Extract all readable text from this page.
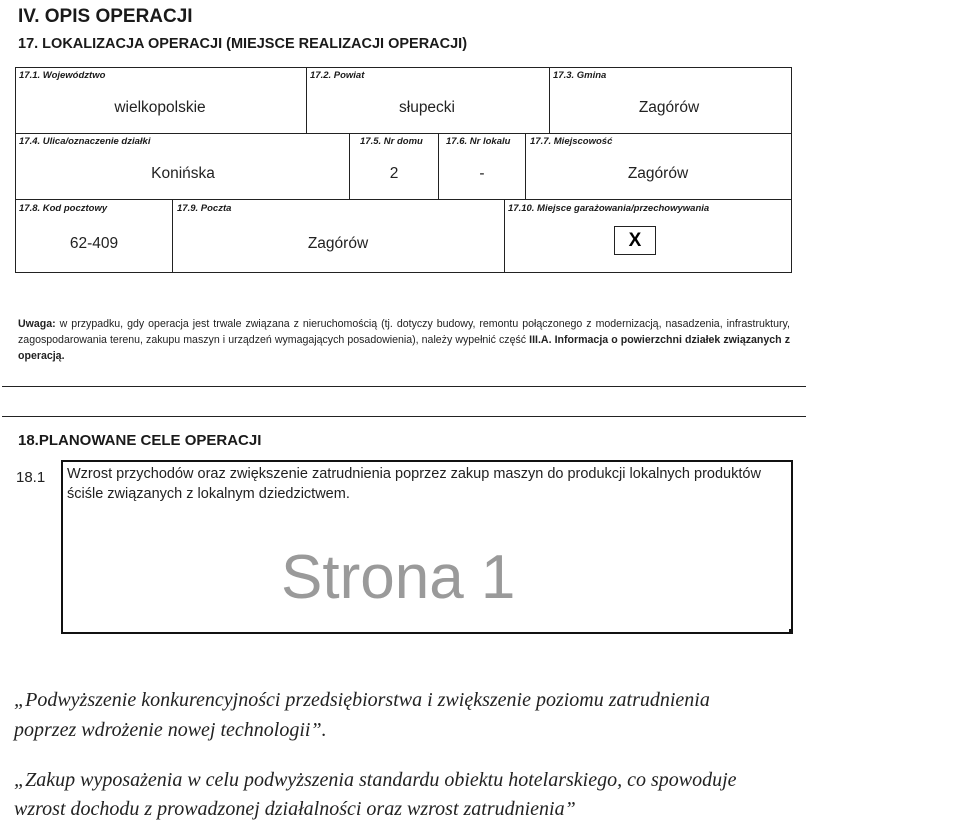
IV. OPIS OPERACJI
17. LOKALIZACJA OPERACJI (MIEJSCE REALIZACJI OPERACJI)
17.1. Województwo
wielkopolskie
17.2. Powiat
słupecki
17.3. Gmina
Zagórów
17.4. Ulica/oznaczenie działki
Konińska
17.5. Nr domu
2
17.6. Nr lokalu
-
17.7. Miejscowość
Zagórów
17.8. Kod pocztowy
62-409
17.9. Poczta
Zagórów
17.10. Miejsce garażowania/przechowywania
X
Uwaga: w przypadku, gdy operacja jest trwale związana z nieruchomością (tj. dotyczy budowy, remontu połączonego z modernizacją, nasadzenia, infrastruktury, zagospodarowania terenu, zakupu maszyn i urządzeń wymagających posadowienia), należy wypełnić część III.A. Informacja o powierzchni działek związanych z operacją.
18.PLANOWANE CELE OPERACJI
18.1 Wzrost przychodów oraz zwiększenie zatrudnienia poprzez zakup maszyn do produkcji lokalnych produktów ściśle związanych z lokalnym dziedzictwem.
Strona 1
„Podwyższenie konkurencyjności przedsiębiorstwa i zwiększenie poziomu zatrudnienia
poprzez wdrożenie nowej technologii”.
„Zakup wyposażenia w celu podwyższenia standardu obiektu hotelarskiego, co spowoduje
wzrost dochodu z prowadzonej działalności oraz wzrost zatrudnienia”
